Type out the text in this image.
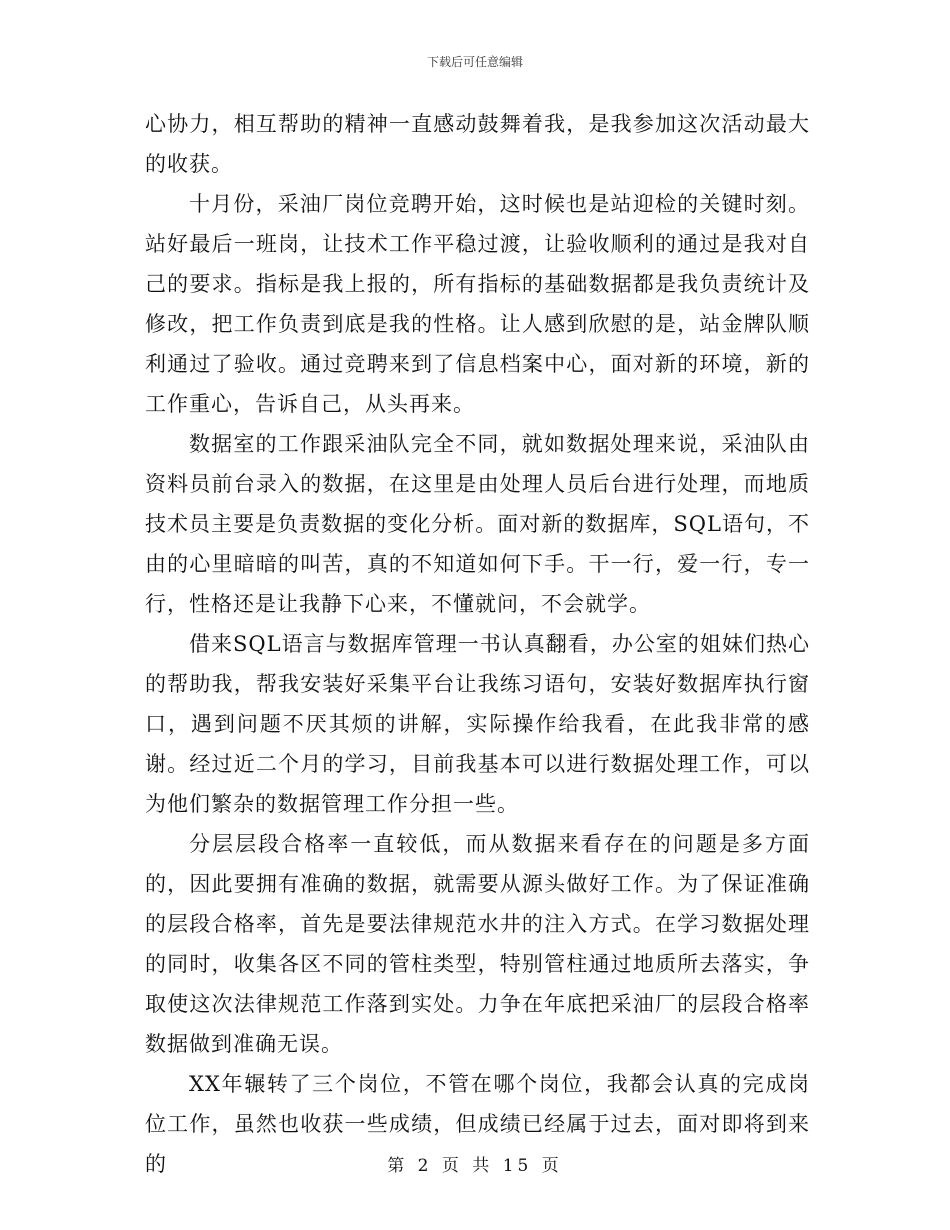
下载后可任意编辑

心协力，相互帮助的精神一直感动鼓舞着我，是我参加这次活动最大的收获。

十月份，采油厂岗位竞聘开始，这时候也是站迎检的关键时刻。站好最后一班岗，让技术工作平稳过渡，让验收顺利的通过是我对自己的要求。指标是我上报的，所有指标的基础数据都是我负责统计及修改，把工作负责到底是我的性格。让人感到欣慰的是，站金牌队顺利通过了验收。通过竞聘来到了信息档案中心，面对新的环境，新的工作重心，告诉自己，从头再来。

数据室的工作跟采油队完全不同，就如数据处理来说，采油队由资料员前台录入的数据，在这里是由处理人员后台进行处理，而地质技术员主要是负责数据的变化分析。面对新的数据库，SQL语句，不由的心里暗暗的叫苦，真的不知道如何下手。干一行，爱一行，专一行，性格还是让我静下心来，不懂就问，不会就学。

借来SQL语言与数据库管理一书认真翻看，办公室的姐妹们热心的帮助我，帮我安装好采集平台让我练习语句，安装好数据库执行窗口，遇到问题不厌其烦的讲解，实际操作给我看，在此我非常的感谢。经过近二个月的学习，目前我基本可以进行数据处理工作，可以为他们繁杂的数据管理工作分担一些。

分层层段合格率一直较低，而从数据来看存在的问题是多方面的，因此要拥有准确的数据，就需要从源头做好工作。为了保证准确的层段合格率，首先是要法律规范水井的注入方式。在学习数据处理的同时，收集各区不同的管柱类型，特别管柱通过地质所去落实，争取使这次法律规范工作落到实处。力争在年底把采油厂的层段合格率数据做到准确无误。

XX年辗转了三个岗位，不管在哪个岗位，我都会认真的完成岗位工作，虽然也收获一些成绩，但成绩已经属于过去，面对即将到来的	第 2 页 共 15 页
